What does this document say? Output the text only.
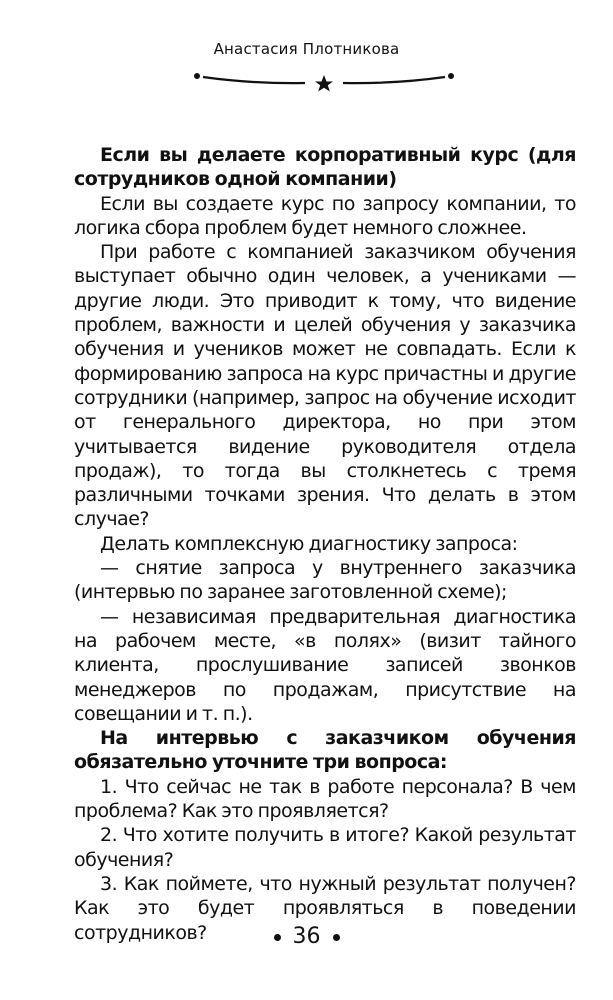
Анастасия Плотникова

Если вы делаете корпоративный курс (для сотрудников одной компании)

Если вы создаете курс по запросу компании, то логика сбора проблем будет немного сложнее.

При работе с компанией заказчиком обучения выступает обычно один человек, а учениками — другие люди. Это приводит к тому, что видение проблем, важности и целей обучения у заказчика обучения и учеников может не совпадать. Если к формированию запроса на курс причастны и другие сотрудники (например, запрос на обучение исходит от генерального директора, но при этом учитывается видение руководителя отдела продаж), то тогда вы столкнетесь с тремя различными точками зрения. Что делать в этом случае?

Делать комплексную диагностику запроса:

— снятие запроса у внутреннего заказчика (интервью по заранее заготовленной схеме);

— независимая предварительная диагностика на рабочем месте, «в полях» (визит тайного клиента, прослушивание записей звонков менеджеров по продажам, присутствие на совещании и т. п.).

На интервью с заказчиком обучения обязательно уточните три вопроса:

1. Что сейчас не так в работе персонала? В чем проблема? Как это проявляется?

2. Что хотите получить в итоге? Какой результат обучения?

3. Как поймете, что нужный результат получен? Как это будет проявляться в поведении сотрудников?	36
